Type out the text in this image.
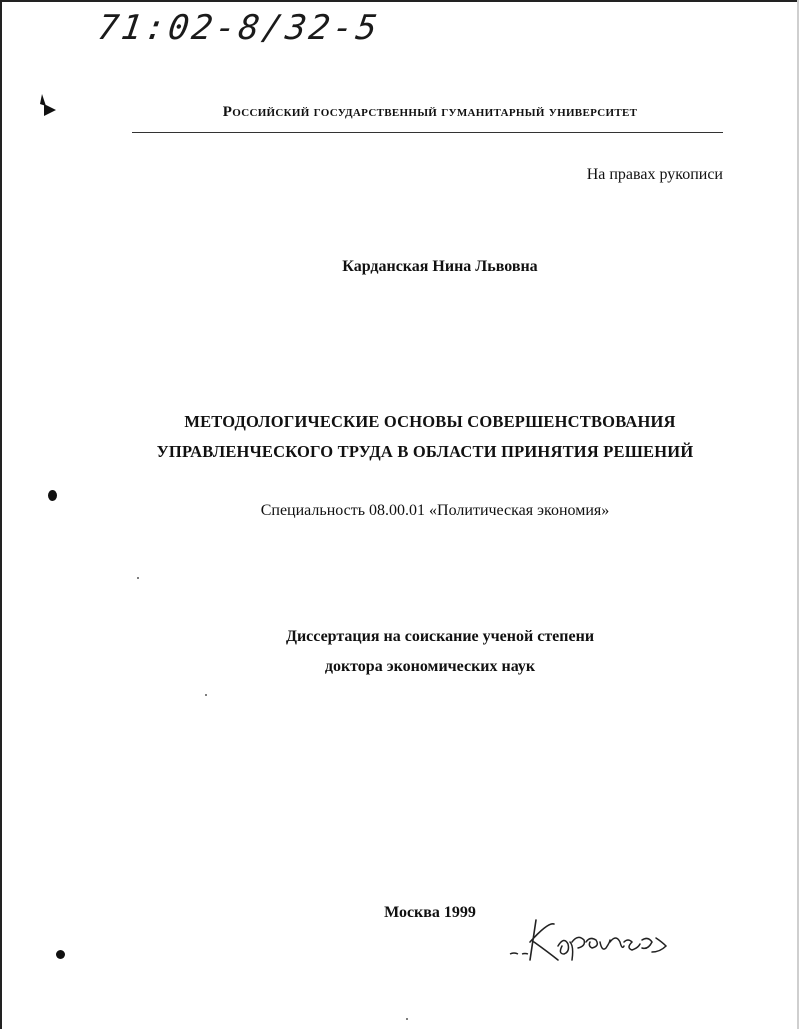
71:02-8/32-5
Российский государственный гуманитарный университет
На правах рукописи
Карданская Нина Львовна
МЕТОДОЛОГИЧЕСКИЕ ОСНОВЫ СОВЕРШЕНСТВОВАНИЯ
УПРАВЛЕНЧЕСКОГО ТРУДА В ОБЛАСТИ ПРИНЯТИЯ РЕШЕНИЙ
Специальность 08.00.01 «Политическая экономия»
Диссертация на соискание ученой степени
доктора экономических наук
Москва 1999
